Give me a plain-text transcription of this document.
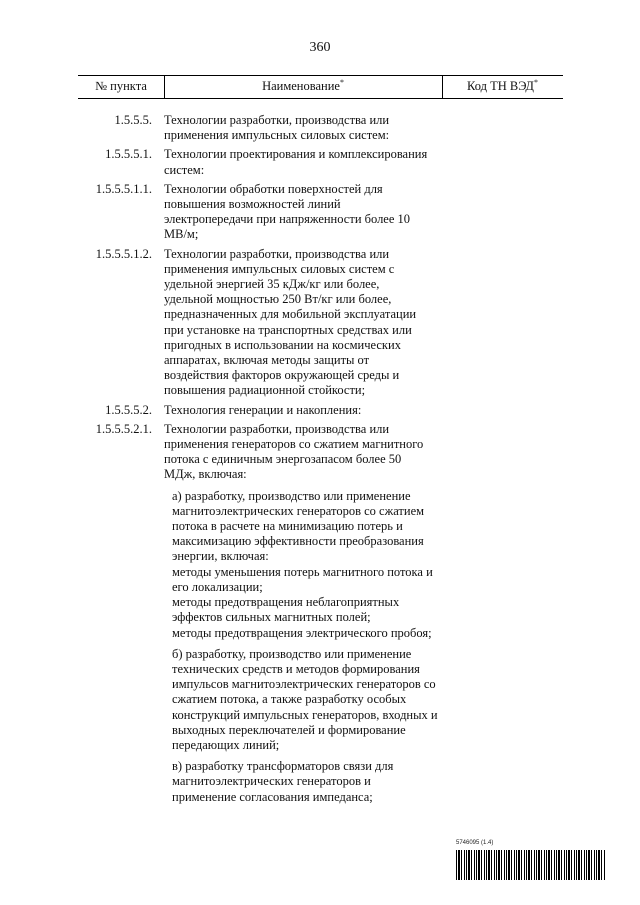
360
№ пункта	Наименование*	Код ТН ВЭД*
1.5.5.5. Технологии разработки, производства или применения импульсных силовых систем:
1.5.5.5.1. Технологии проектирования и комплексирования систем:
1.5.5.5.1.1. Технологии обработки поверхностей для повышения возможностей линий электропередачи при напряженности более 10 МВ/м;
1.5.5.5.1.2. Технологии разработки, производства или применения импульсных силовых систем с удельной энергией 35 кДж/кг или более, удельной мощностью 250 Вт/кг или более, предназначенных для мобильной эксплуатации при установке на транспортных средствах или пригодных в использовании на космических аппаратах, включая методы защиты от воздействия факторов окружающей среды и повышения радиационной стойкости;
1.5.5.5.2. Технология генерации и накопления:
1.5.5.5.2.1. Технологии разработки, производства или применения генераторов со сжатием магнитного потока с единичным энергозапасом более 50 МДж, включая:
а) разработку, производство или применение магнитоэлектрических генераторов со сжатием потока в расчете на минимизацию потерь и максимизацию эффективности преобразования энергии, включая:
методы уменьшения потерь магнитного потока и его локализации;
методы предотвращения неблагоприятных эффектов сильных магнитных полей;
методы предотвращения электрического пробоя;
б) разработку, производство или применение технических средств и методов формирования импульсов магнитоэлектрических генераторов со сжатием потока, а также разработку особых конструкций импульсных генераторов, входных и выходных переключателей и формирование передающих линий;
в) разработку трансформаторов связи для магнитоэлектрических генераторов и применение согласования импеданса;
5746095 (1.4)
